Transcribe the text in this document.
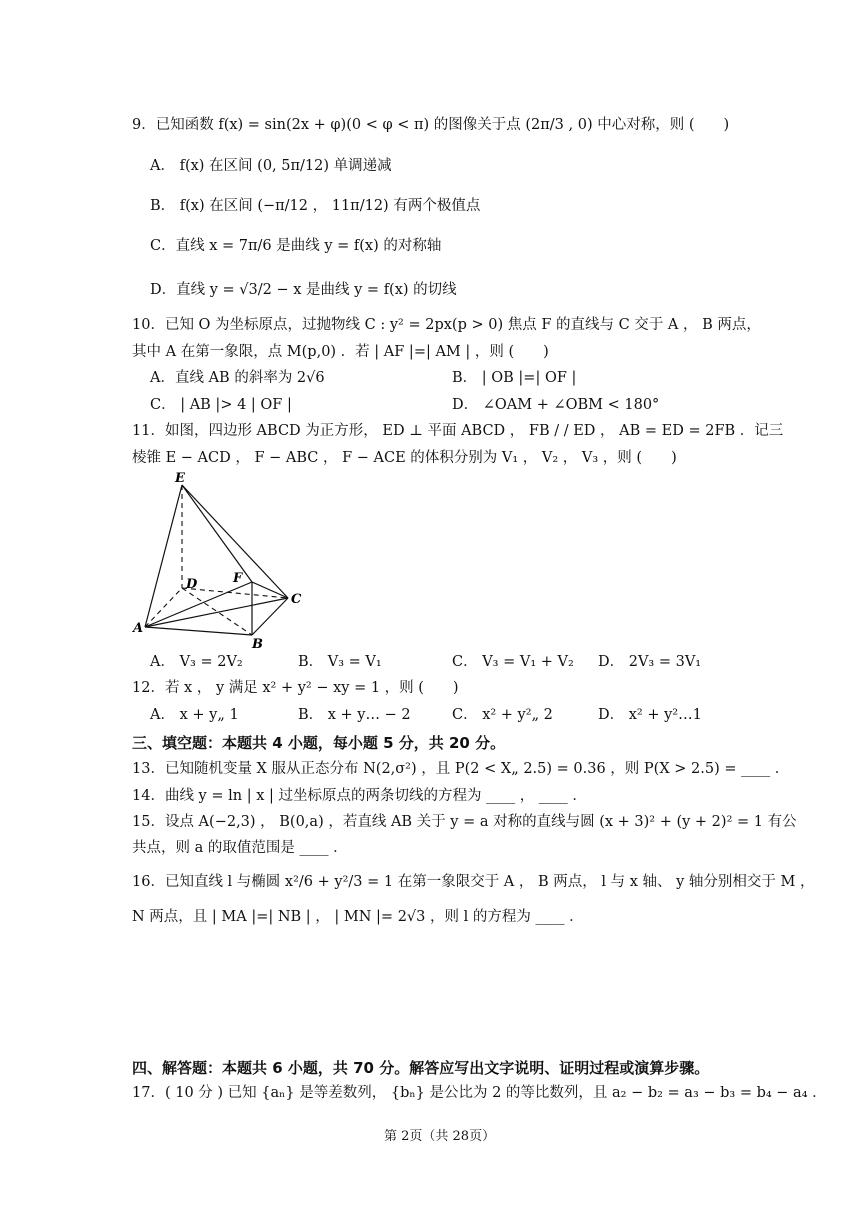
9．已知函数 f(x) = sin(2x + φ)(0 < φ < π) 的图像关于点 (2π/3 , 0) 中心对称，则 (　　)
A． f(x) 在区间 (0, 5π/12) 单调递减
B． f(x) 在区间 (−π/12 ， 11π/12) 有两个极值点
C．直线 x = 7π/6 是曲线 y = f(x) 的对称轴
D．直线 y = √3/2 − x 是曲线 y = f(x) 的切线
10．已知 O 为坐标原点，过抛物线 C : y² = 2px(p > 0) 焦点 F 的直线与 C 交于 A ， B 两点，
其中 A 在第一象限，点 M(p,0) ．若 | AF |=| AM | ，则 (　　)
A．直线 AB 的斜率为 2√6	B． | OB |=| OF |
C． | AB |> 4 | OF |	D． ∠OAM + ∠OBM < 180°
11．如图，四边形 ABCD 为正方形， ED ⊥ 平面 ABCD ， FB / / ED ， AB = ED = 2FB ．记三
棱锥 E − ACD ， F − ABC ， F − ACE 的体积分别为 V₁ ， V₂ ， V₃ ，则 (　　)
E
D	F
C
A
B
A． V₃ = 2V₂	B． V₃ = V₁	C． V₃ = V₁ + V₂ D． 2V₃ = 3V₁
12．若 x ， y 满足 x² + y² − xy = 1 ，则 (　　)
A． x + y„ 1	B． x + y… − 2	C． x² + y²„ 2	D． x² + y²…1
三、填空题：本题共 4 小题，每小题 5 分，共 20 分。
13．已知随机变量 X 服从正态分布 N(2,σ²) ，且 P(2 < X„ 2.5) = 0.36 ，则 P(X > 2.5) = ____ ．
14．曲线 y = ln | x | 过坐标原点的两条切线的方程为 ____ ， ____ ．
15．设点 A(−2,3) ， B(0,a) ，若直线 AB 关于 y = a 对称的直线与圆 (x + 3)² + (y + 2)² = 1 有公
共点，则 a 的取值范围是 ____ ．
16．已知直线 l 与椭圆 x²/6 + y²/3 = 1 在第一象限交于 A ， B 两点， l 与 x 轴、 y 轴分别相交于 M ，
N 两点，且 | MA |=| NB | ， | MN |= 2√3 ，则 l 的方程为 ____ ．
四、解答题：本题共 6 小题，共 70 分。解答应写出文字说明、证明过程或演算步骤。
17．( 10 分 ) 已知 {aₙ} 是等差数列， {bₙ} 是公比为 2 的等比数列，且 a₂ − b₂ = a₃ − b₃ = b₄ − a₄ ．
第 2页（共 28页）
